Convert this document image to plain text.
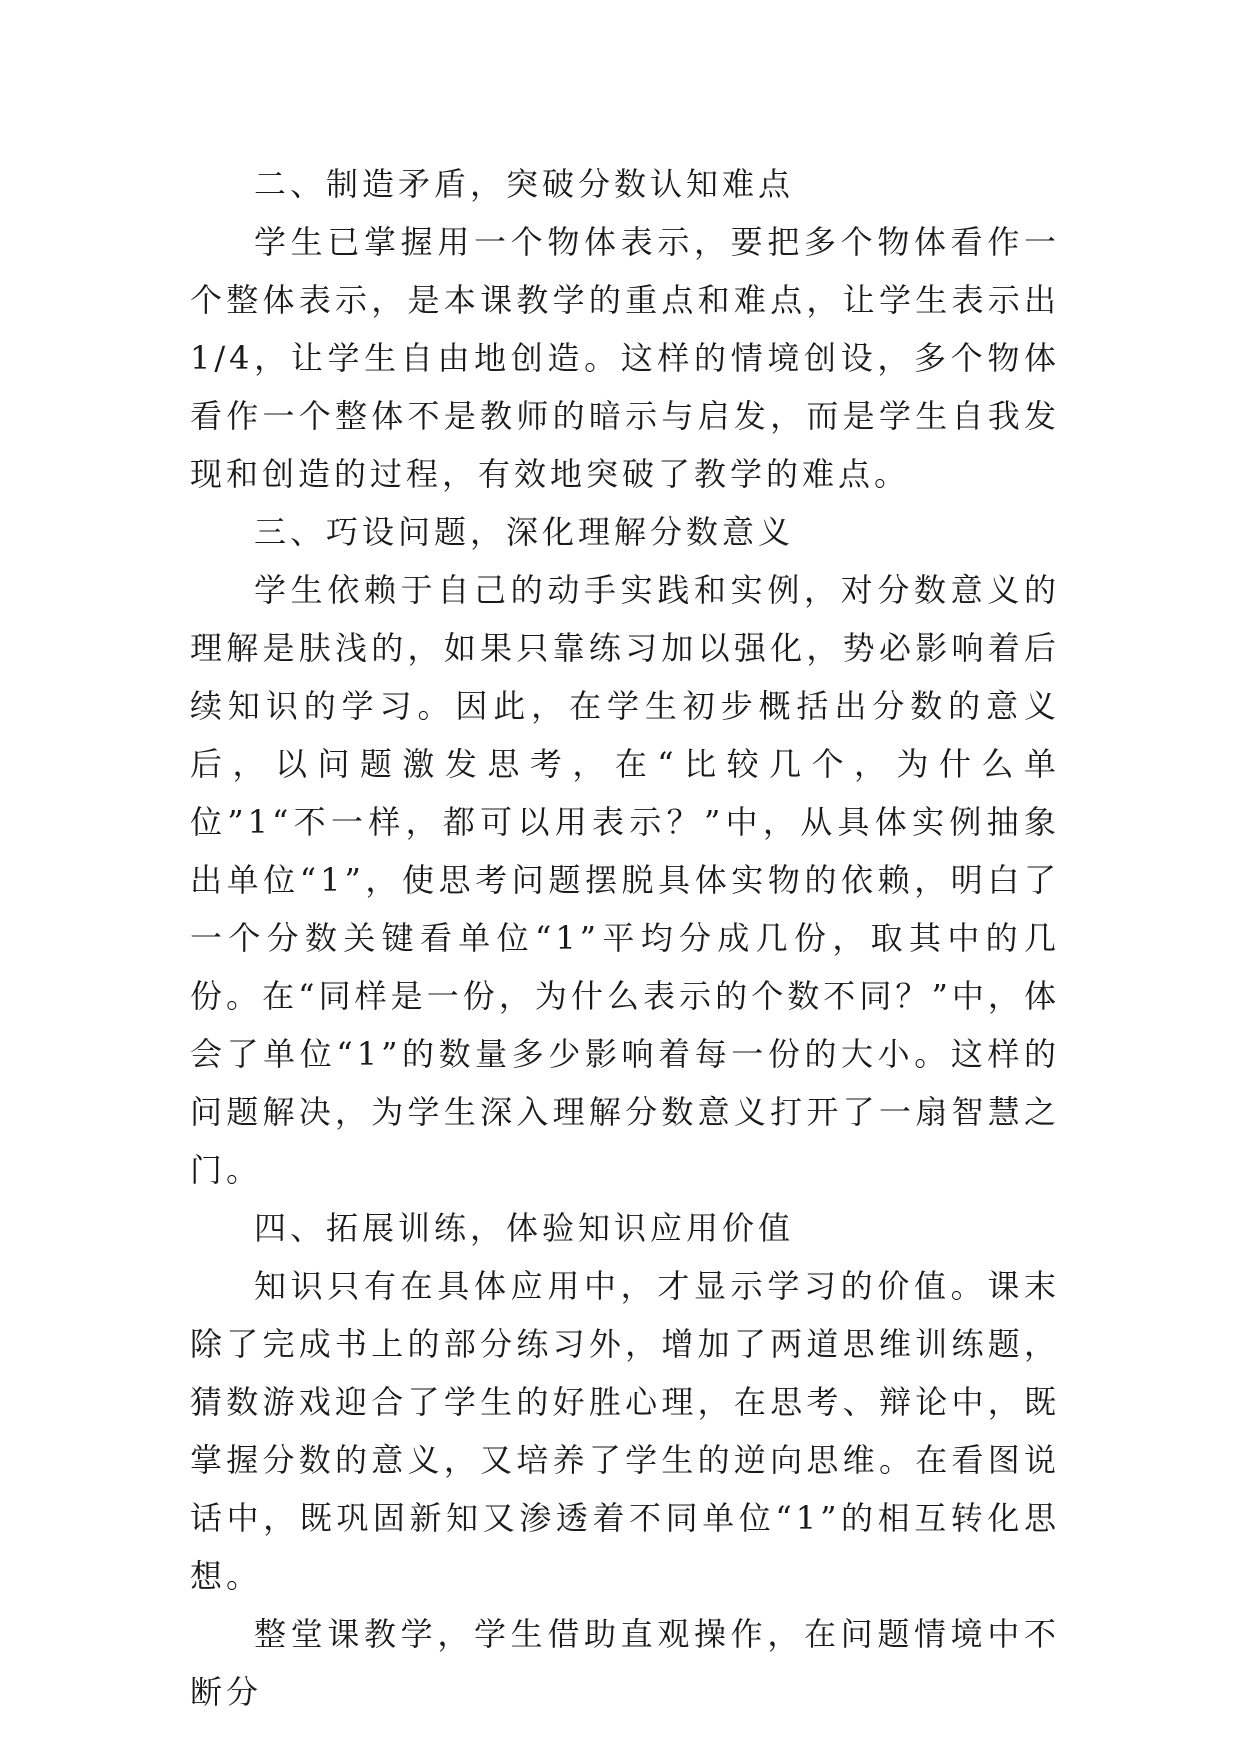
二、制造矛盾，突破分数认知难点

学生已掌握用一个物体表示，要把多个物体看作一个整体表示，是本课教学的重点和难点，让学生表示出1/4，让学生自由地创造。这样的情境创设，多个物体看作一个整体不是教师的暗示与启发，而是学生自我发现和创造的过程，有效地突破了教学的难点。

三、巧设问题，深化理解分数意义

学生依赖于自己的动手实践和实例，对分数意义的理解是肤浅的，如果只靠练习加以强化，势必影响着后续知识的学习。因此，在学生初步概括出分数的意义后，以问题激发思考，在“比较几个，为什么单位”1“不一样，都可以用表示？”中，从具体实例抽象出单位“1”，使思考问题摆脱具体实物的依赖，明白了一个分数关键看单位“1”平均分成几份，取其中的几份。在“同样是一份，为什么表示的个数不同？”中，体会了单位“1”的数量多少影响着每一份的大小。这样的问题解决，为学生深入理解分数意义打开了一扇智慧之门。

四、拓展训练，体验知识应用价值

知识只有在具体应用中，才显示学习的价值。课末除了完成书上的部分练习外，增加了两道思维训练题，猜数游戏迎合了学生的好胜心理，在思考、辩论中，既掌握分数的意义，又培养了学生的逆向思维。在看图说话中，既巩固新知又渗透着不同单位“1”的相互转化思想。

整堂课教学，学生借助直观操作，在问题情境中不断分
